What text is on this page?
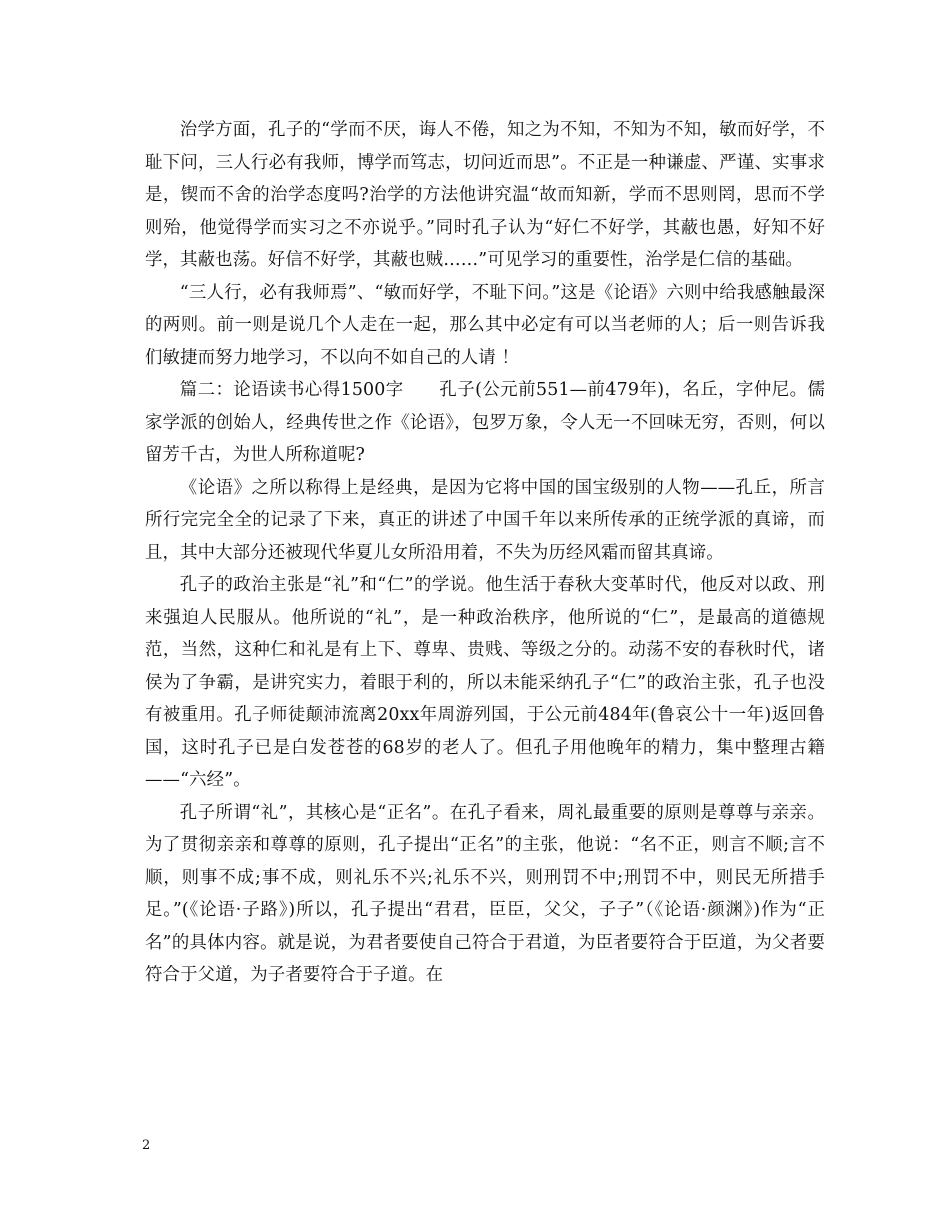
治学方面，孔子的“学而不厌，诲人不倦，知之为不知，不知为不知，敏而好学，不耻下问，三人行必有我师，博学而笃志，切问近而思”。不正是一种谦虚、严谨、实事求是，锲而不舍的治学态度吗?治学的方法他讲究温“故而知新，学而不思则罔，思而不学则殆，他觉得学而实习之不亦说乎。”同时孔子认为“好仁不好学，其蔽也愚，好知不好学，其蔽也荡。好信不好学，其蔽也贼……”可见学习的重要性，治学是仁信的基础。

“三人行，必有我师焉”、“敏而好学，不耻下问。”这是《论语》六则中给我感触最深的两则。前一则是说几个人走在一起，那么其中必定有可以当老师的人；后一则告诉我们敏捷而努力地学习，不以向不如自己的人请 ！

篇二：论语读书心得1500字　　孔子(公元前551—前479年)，名丘，字仲尼。儒家学派的创始人，经典传世之作《论语》，包罗万象，令人无一不回味无穷，否则，何以留芳千古，为世人所称道呢?

《论语》之所以称得上是经典，是因为它将中国的国宝级别的人物——孔丘，所言所行完完全全的记录了下来，真正的讲述了中国千年以来所传承的正统学派的真谛，而且，其中大部分还被现代华夏儿女所沿用着，不失为历经风霜而留其真谛。

孔子的政治主张是“礼”和“仁”的学说。他生活于春秋大变革时代，他反对以政、刑来强迫人民服从。他所说的“礼”，是一种政治秩序，他所说的“仁”，是最高的道德规范，当然，这种仁和礼是有上下、尊卑、贵贱、等级之分的。动荡不安的春秋时代，诸侯为了争霸，是讲究实力，着眼于利的，所以未能采纳孔子“仁”的政治主张，孔子也没有被重用。孔子师徒颠沛流离20xx年周游列国，于公元前484年(鲁哀公十一年)返回鲁国，这时孔子已是白发苍苍的68岁的老人了。但孔子用他晚年的精力，集中整理古籍——“六经”。

孔子所谓“礼”，其核心是“正名”。在孔子看来，周礼最重要的原则是尊尊与亲亲。为了贯彻亲亲和尊尊的原则，孔子提出“正名”的主张，他说：“名不正，则言不顺;言不顺，则事不成;事不成，则礼乐不兴;礼乐不兴，则刑罚不中;刑罚不中，则民无所措手足。”(《论语·子路》)所以，孔子提出“君君，臣臣，父父，子子”（《论语·颜渊》)作为“正名”的具体内容。就是说，为君者要使自己符合于君道，为臣者要符合于臣道，为父者要符合于父道，为子者要符合于子道。在

2
